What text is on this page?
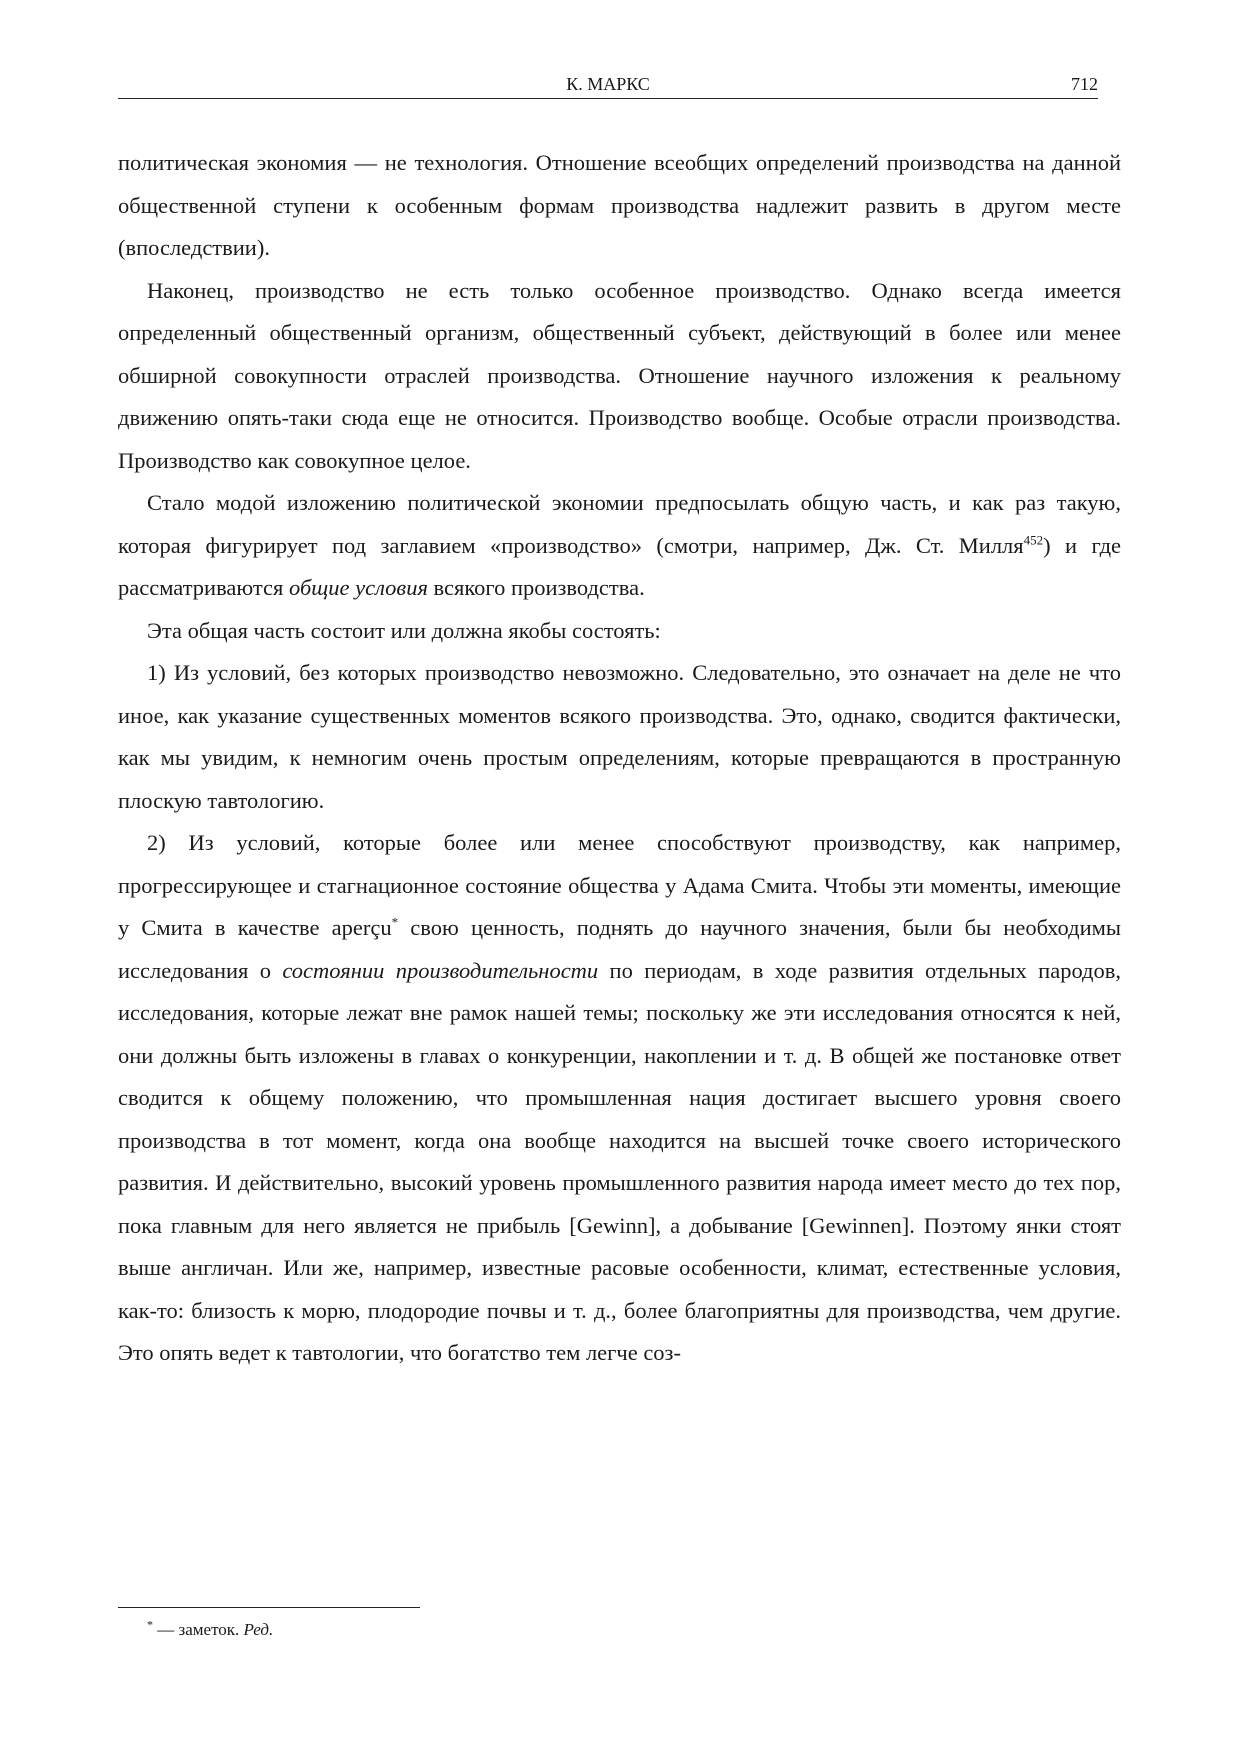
К. МАРКС	712

политическая экономия — не технология. Отношение всеобщих определений производства на данной общественной ступени к особенным формам производства надлежит развить в другом месте (впоследствии).

Наконец, производство не есть только особенное производство. Однако всегда имеется определенный общественный организм, общественный субъект, действующий в более или менее обширной совокупности отраслей производства. Отношение научного изложения к реальному движению опять-таки сюда еще не относится. Производство вообще. Особые отрасли производства. Производство как совокупное целое.

Стало модой изложению политической экономии предпосылать общую часть, и как раз такую, которая фигурирует под заглавием «производство» (смотри, например, Дж. Ст. Милля$^{452}$) и где рассматриваются общие условия всякого производства.

Эта общая часть состоит или должна якобы состоять:

1) Из условий, без которых производство невозможно. Следовательно, это означает на деле не что иное, как указание существенных моментов всякого производства. Это, однако, сводится фактически, как мы увидим, к немногим очень простым определениям, которые превращаются в пространную плоскую тавтологию.

2) Из условий, которые более или менее способствуют производству, как например, прогрессирующее и стагнационное состояние общества у Адама Смита. Чтобы эти моменты, имеющие у Смита в качестве aperçu* свою ценность, поднять до научного значения, были бы необходимы исследования о состоянии производительности по периодам, в ходе развития отдельных пародов, исследования, которые лежат вне рамок нашей темы; поскольку же эти исследования относятся к ней, они должны быть изложены в главах о конкуренции, накоплении и т. д. В общей же постановке ответ сводится к общему положению, что промышленная нация достигает высшего уровня своего производства в тот момент, когда она вообще находится на высшей точке своего исторического развития. И действительно, высокий уровень промышленного развития народа имеет место до тех пор, пока главным для него является не прибыль [Gewinn], а добывание [Gewinnen]. Поэтому янки стоят выше англичан. Или же, например, известные расовые особенности, климат, естественные условия, как-то: близость к морю, плодородие почвы и т. д., более благоприятны для производства, чем другие. Это опять ведет к тавтологии, что богатство тем легче соз-

* — заметок. Ред.
